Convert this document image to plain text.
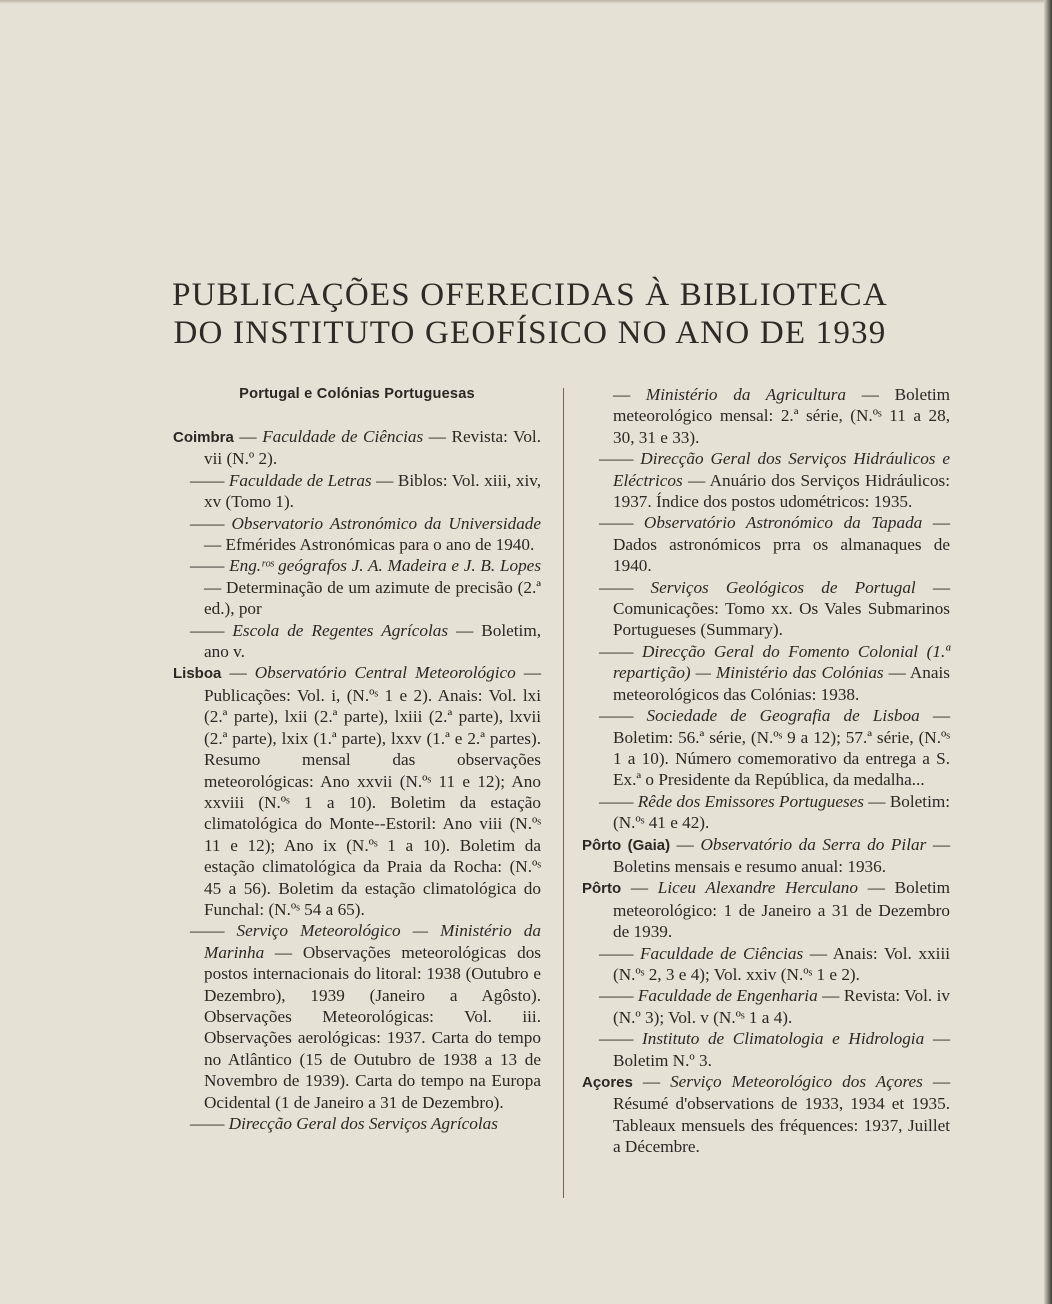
PUBLICAÇÕES OFERECIDAS À BIBLIOTECA
DO INSTITUTO GEOFÍSICO NO ANO DE 1939
Portugal e Colónias Portuguesas

Coimbra — Faculdade de Ciências — Revista: Vol. vii (N.º 2).

—— Faculdade de Letras — Biblos: Vol. xiii, xiv, xv (Tomo 1).

—— Observatorio Astronómico da Universidade — Efmérides Astronómicas para o ano de 1940.

—— Eng.ʳᵒˢ geógrafos J. A. Madeira e J. B. Lopes — Determinação de um azimute de precisão (2.ª ed.), por

—— Escola de Regentes Agrícolas — Boletim, ano v.

Lisboa — Observatório Central Meteorológico — Publicações: Vol. i, (N.ºˢ 1 e 2). Anais: Vol. lxi (2.ª parte), lxii (2.ª parte), lxiii (2.ª parte), lxvii (2.ª parte), lxix (1.ª parte), lxxv (1.ª e 2.ª partes). Resumo mensal das observações meteorológicas: Ano xxvii (N.ºˢ 11 e 12); Ano xxviii (N.ºˢ 1 a 10). Boletim da estação climatológica do Monte--Estoril: Ano viii (N.ºˢ 11 e 12); Ano ix (N.ºˢ 1 a 10). Boletim da estação climatológica da Praia da Rocha: (N.ºˢ 45 a 56). Boletim da estação climatológica do Funchal: (N.ºˢ 54 a 65).

—— Serviço Meteorológico — Ministério da Marinha — Observações meteorológicas dos postos internacionais do litoral: 1938 (Outubro e Dezembro), 1939 (Janeiro a Agôsto). Observações Meteorológicas: Vol. iii. Observações aerológicas: 1937. Carta do tempo no Atlântico (15 de Outubro de 1938 a 13 de Novembro de 1939). Carta do tempo na Europa Ocidental (1 de Janeiro a 31 de Dezembro).

—— Direcção Geral dos Serviços Agrícolas

— Ministério da Agricultura — Boletim meteorológico mensal: 2.ª série, (N.ºˢ 11 a 28, 30, 31 e 33).

—— Direcção Geral dos Serviços Hidráulicos e Eléctricos — Anuário dos Serviços Hidráulicos: 1937. Índice dos postos udométricos: 1935.

—— Observatório Astronómico da Tapada — Dados astronómicos prra os almanaques de 1940.

—— Serviços Geológicos de Portugal — Comunicações: Tomo xx. Os Vales Submarinos Portugueses (Summary).

—— Direcção Geral do Fomento Colonial (1.ª repartição) — Ministério das Colónias — Anais meteorológicos das Colónias: 1938.

—— Sociedade de Geografia de Lisboa — Boletim: 56.ª série, (N.ºˢ 9 a 12); 57.ª série, (N.ºˢ 1 a 10). Número comemorativo da entrega a S. Ex.ª o Presidente da República, da medalha...

—— Rêde dos Emissores Portugueses — Boletim: (N.ºˢ 41 e 42).

Pôrto (Gaia) — Observatório da Serra do Pilar — Boletins mensais e resumo anual: 1936.

Pôrto — Liceu Alexandre Herculano — Boletim meteorológico: 1 de Janeiro a 31 de Dezembro de 1939.

—— Faculdade de Ciências — Anais: Vol. xxiii (N.ºˢ 2, 3 e 4); Vol. xxiv (N.ºˢ 1 e 2).

—— Faculdade de Engenharia — Revista: Vol. iv (N.º 3); Vol. v (N.ºˢ 1 a 4).

—— Instituto de Climatologia e Hidrologia — Boletim N.º 3.

Açores — Serviço Meteorológico dos Açores — Résumé d'observations de 1933, 1934 et 1935. Tableaux mensuels des fréquences: 1937, Juillet a Décembre.
